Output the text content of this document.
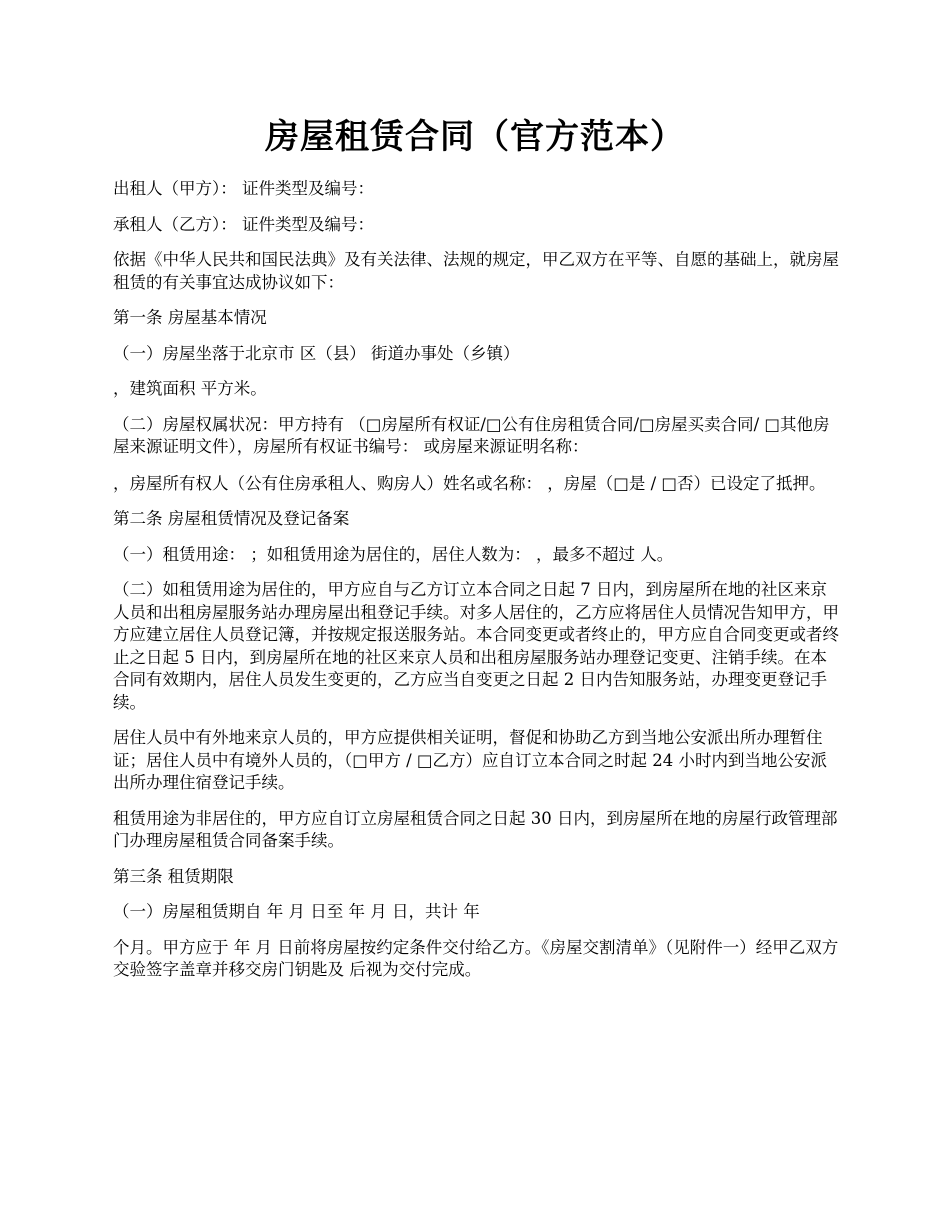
房屋租赁合同（官方范本）

出租人（甲方）： 证件类型及编号：

承租人（乙方）： 证件类型及编号：

依据《中华人民共和国民法典》及有关法律、法规的规定，甲乙双方在平等、自愿的基础上，就房屋租赁的有关事宜达成协议如下：

第一条 房屋基本情况

（一）房屋坐落于北京市 区（县） 街道办事处（乡镇）

，建筑面积 平方米。

（二）房屋权属状况：甲方持有 （□房屋所有权证/□公有住房租赁合同/□房屋买卖合同/ □其他房屋来源证明文件），房屋所有权证书编号： 或房屋来源证明名称：

，房屋所有权人（公有住房承租人、购房人）姓名或名称： ，房屋（□是 / □否）已设定了抵押。

第二条 房屋租赁情况及登记备案

（一）租赁用途： ；如租赁用途为居住的，居住人数为： ，最多不超过 人。

（二）如租赁用途为居住的，甲方应自与乙方订立本合同之日起 7 日内，到房屋所在地的社区来京人员和出租房屋服务站办理房屋出租登记手续。对多人居住的，乙方应将居住人员情况告知甲方，甲方应建立居住人员登记簿，并按规定报送服务站。本合同变更或者终止的，甲方应自合同变更或者终止之日起 5 日内，到房屋所在地的社区来京人员和出租房屋服务站办理登记变更、注销手续。在本合同有效期内，居住人员发生变更的，乙方应当自变更之日起 2 日内告知服务站，办理变更登记手续。

居住人员中有外地来京人员的，甲方应提供相关证明，督促和协助乙方到当地公安派出所办理暂住证；居住人员中有境外人员的，（□甲方 / □乙方）应自订立本合同之时起 24 小时内到当地公安派出所办理住宿登记手续。

租赁用途为非居住的，甲方应自订立房屋租赁合同之日起 30 日内，到房屋所在地的房屋行政管理部门办理房屋租赁合同备案手续。

第三条 租赁期限

（一）房屋租赁期自 年 月 日至 年 月 日，共计 年

个月。甲方应于 年 月 日前将房屋按约定条件交付给乙方。《房屋交割清单》（见附件一）经甲乙双方交验签字盖章并移交房门钥匙及 后视为交付完成。
